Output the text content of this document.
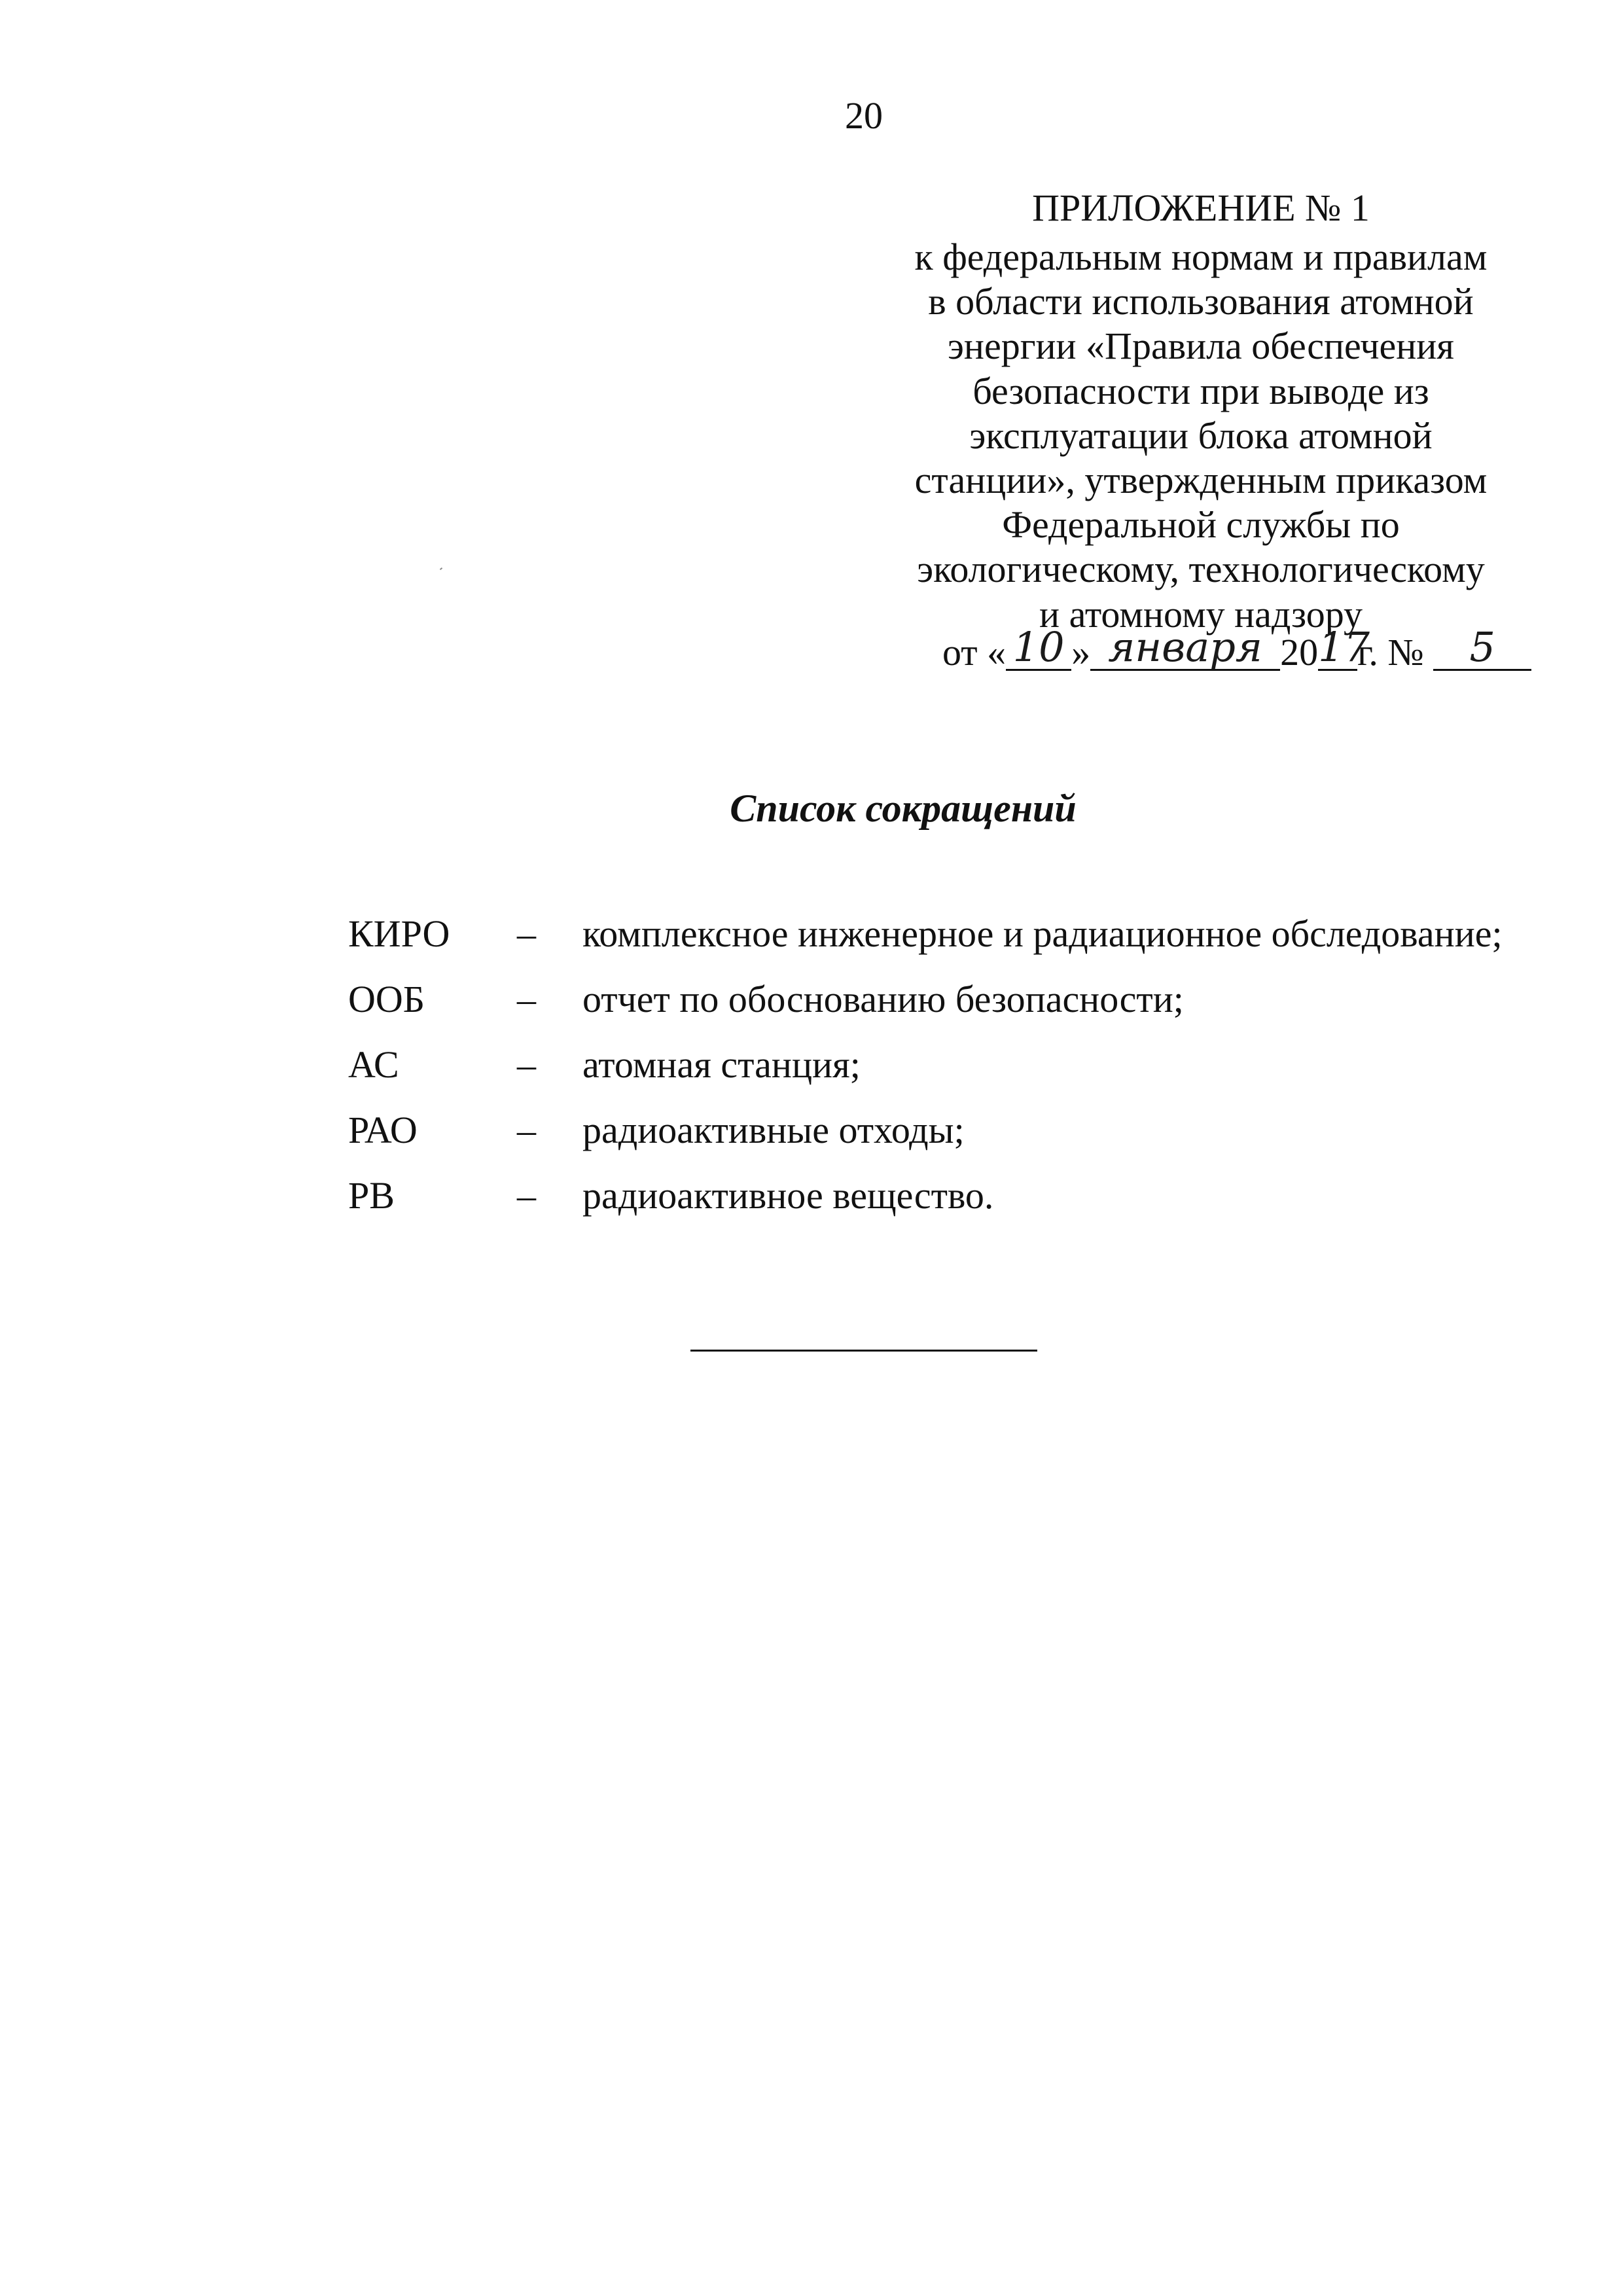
20
ПРИЛОЖЕНИЕ № 1
к федеральным нормам и правилам
в области использования атомной
энергии «Правила обеспечения
безопасности при выводе из
эксплуатации блока атомной
станции», утвержденным приказом
Федеральной службы по
экологическому, технологическому
и атомному надзору
от « 10 » января 2017г. № 5
Список сокращений
КИРО – комплексное инженерное и радиационное обследование;
ООБ – отчет по обоснованию безопасности;
АС	– атомная станция;
РАО	– радиоактивные отходы;
РВ	– радиоактивное вещество.
